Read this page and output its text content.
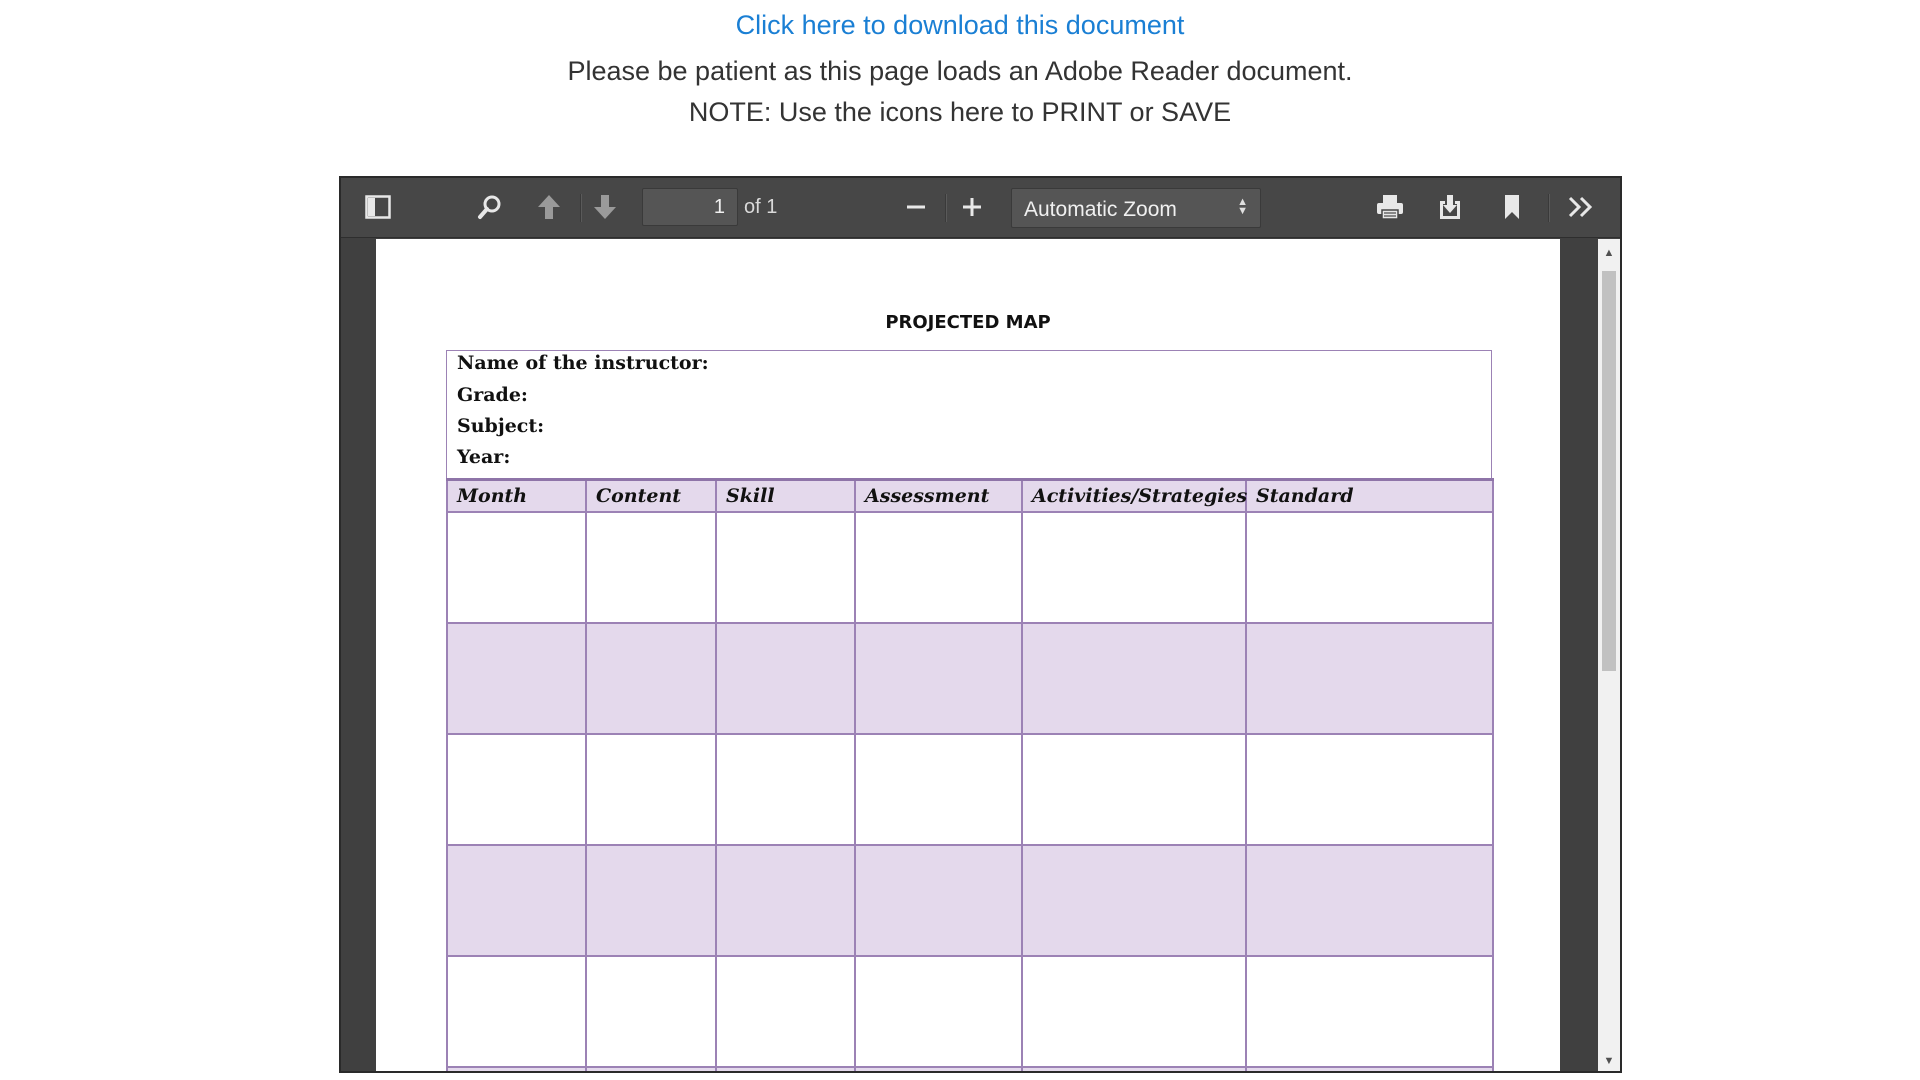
Click here to download this document
Please be patient as this page loads an Adobe Reader document.
NOTE: Use the icons here to PRINT or SAVE
1
of 1	Automatic Zoom	▲
▼
PROJECTED MAP
Name of the instructor:
Grade:
Subject:
Year:
Month	Content	Skill	Assessment	Activities/Strategies	Standard

▲
▼
